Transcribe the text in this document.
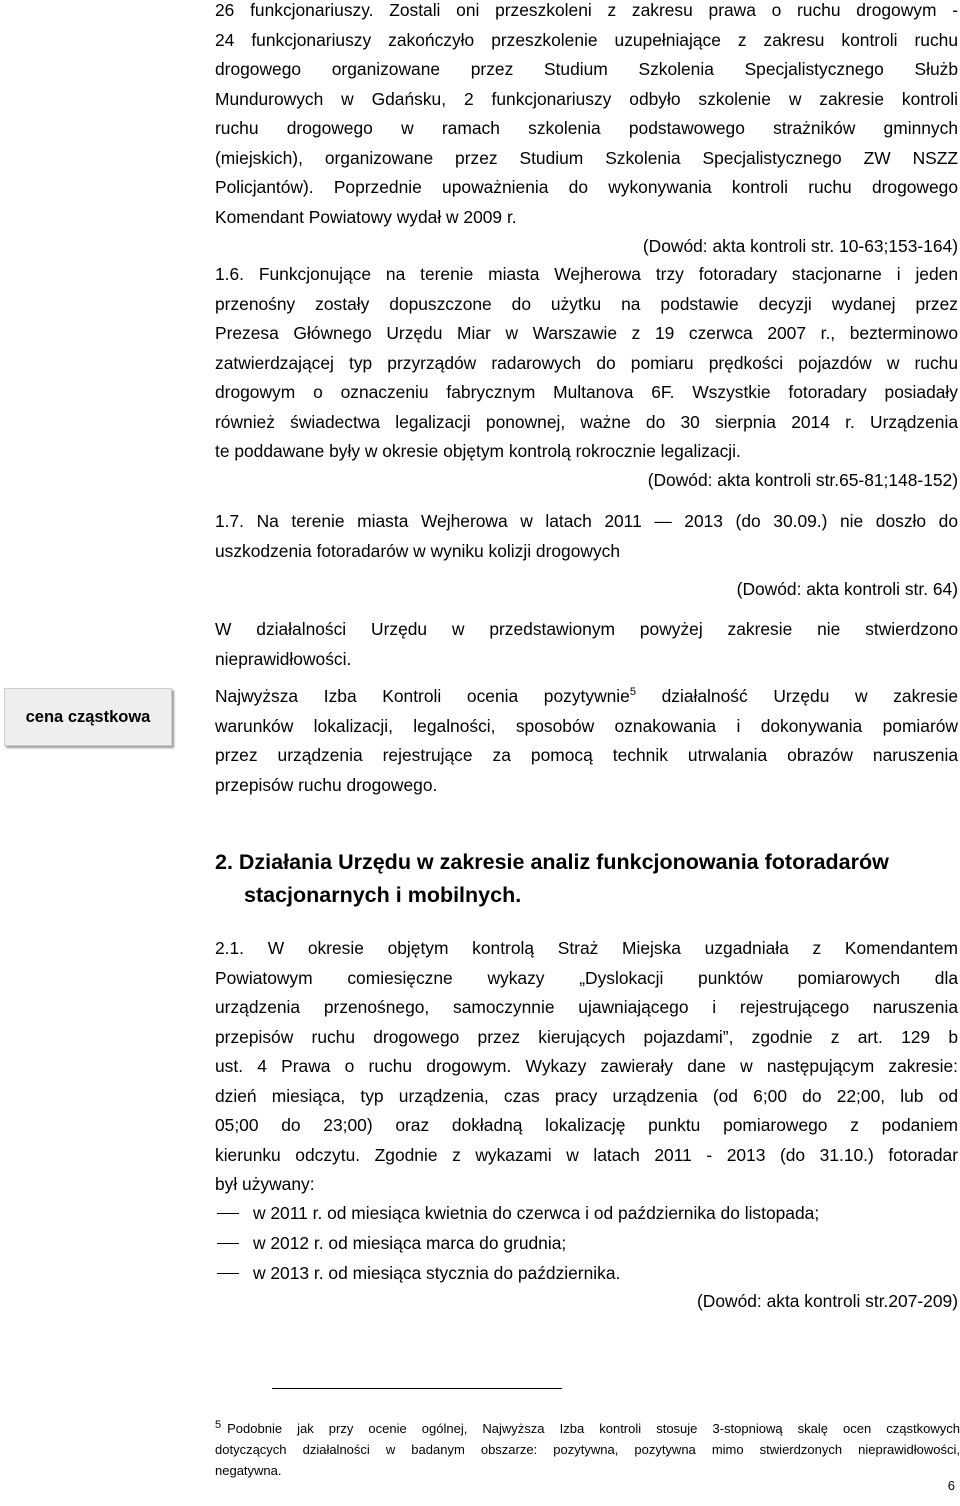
26 funkcjonariuszy. Zostali oni przeszkoleni z zakresu prawa o ruchu drogowym -
24 funkcjonariuszy zakończyło przeszkolenie uzupełniające z zakresu kontroli ruchu
drogowego organizowane przez Studium Szkolenia Specjalistycznego Służb
Mundurowych w Gdańsku, 2 funkcjonariuszy odbyło szkolenie w zakresie kontroli
ruchu drogowego w ramach szkolenia podstawowego strażników gminnych
(miejskich), organizowane przez Studium Szkolenia Specjalistycznego ZW NSZZ
Policjantów). Poprzednie upoważnienia do wykonywania kontroli ruchu drogowego
Komendant Powiatowy wydał w 2009 r.
(Dowód: akta kontroli str. 10-63;153-164)
1.6. Funkcjonujące na terenie miasta Wejherowa trzy fotoradary stacjonarne i jeden
przenośny zostały dopuszczone do użytku na podstawie decyzji wydanej przez
Prezesa Głównego Urzędu Miar w Warszawie z 19 czerwca 2007 r., bezterminowo
zatwierdzającej typ przyrządów radarowych do pomiaru prędkości pojazdów w ruchu
drogowym o oznaczeniu fabrycznym Multanova 6F. Wszystkie fotoradary posiadały
również świadectwa legalizacji ponownej, ważne do 30 sierpnia 2014 r. Urządzenia
te poddawane były w okresie objętym kontrolą rokrocznie legalizacji.
(Dowód: akta kontroli str.65-81;148-152)
1.7. Na terenie miasta Wejherowa w latach 2011 — 2013 (do 30.09.) nie doszło do
uszkodzenia fotoradarów w wyniku kolizji drogowych
(Dowód: akta kontroli str. 64)
W działalności Urzędu w przedstawionym powyżej zakresie nie stwierdzono
nieprawidłowości.
cena cząstkowa
Najwyższa Izba Kontroli ocenia pozytywnie$^5$ działalność Urzędu w zakresie
warunków lokalizacji, legalności, sposobów oznakowania i dokonywania pomiarów
przez urządzenia rejestrujące za pomocą technik utrwalania obrazów naruszenia
przepisów ruchu drogowego.
2. Działania Urzędu w zakresie analiz funkcjonowania fotoradarów
stacjonarnych i mobilnych.
2.1. W okresie objętym kontrolą Straż Miejska uzgadniała z Komendantem
Powiatowym comiesięczne wykazy „Dyslokacji punktów pomiarowych dla
urządzenia przenośnego, samoczynnie ujawniającego i rejestrującego naruszenia
przepisów ruchu drogowego przez kierujących pojazdami”, zgodnie z art. 129 b
ust. 4 Prawa o ruchu drogowym. Wykazy zawierały dane w następującym zakresie:
dzień miesiąca, typ urządzenia, czas pracy urządzenia (od 6;00 do 22;00, lub od
05;00 do 23;00) oraz dokładną lokalizację punktu pomiarowego z podaniem
kierunku odczytu. Zgodnie z wykazami w latach 2011 - 2013 (do 31.10.) fotoradar
był używany:
w 2011 r. od miesiąca kwietnia do czerwca i od października do listopada;
w 2012 r. od miesiąca marca do grudnia;
w 2013 r. od miesiąca stycznia do października.
(Dowód: akta kontroli str.207-209)
$^5$ Podobnie jak przy ocenie ogólnej, Najwyższa Izba kontroli stosuje 3-stopniową skalę ocen cząstkowych
dotyczących działalności w badanym obszarze: pozytywna, pozytywna mimo stwierdzonych nieprawidłowości,
negatywna.
6
